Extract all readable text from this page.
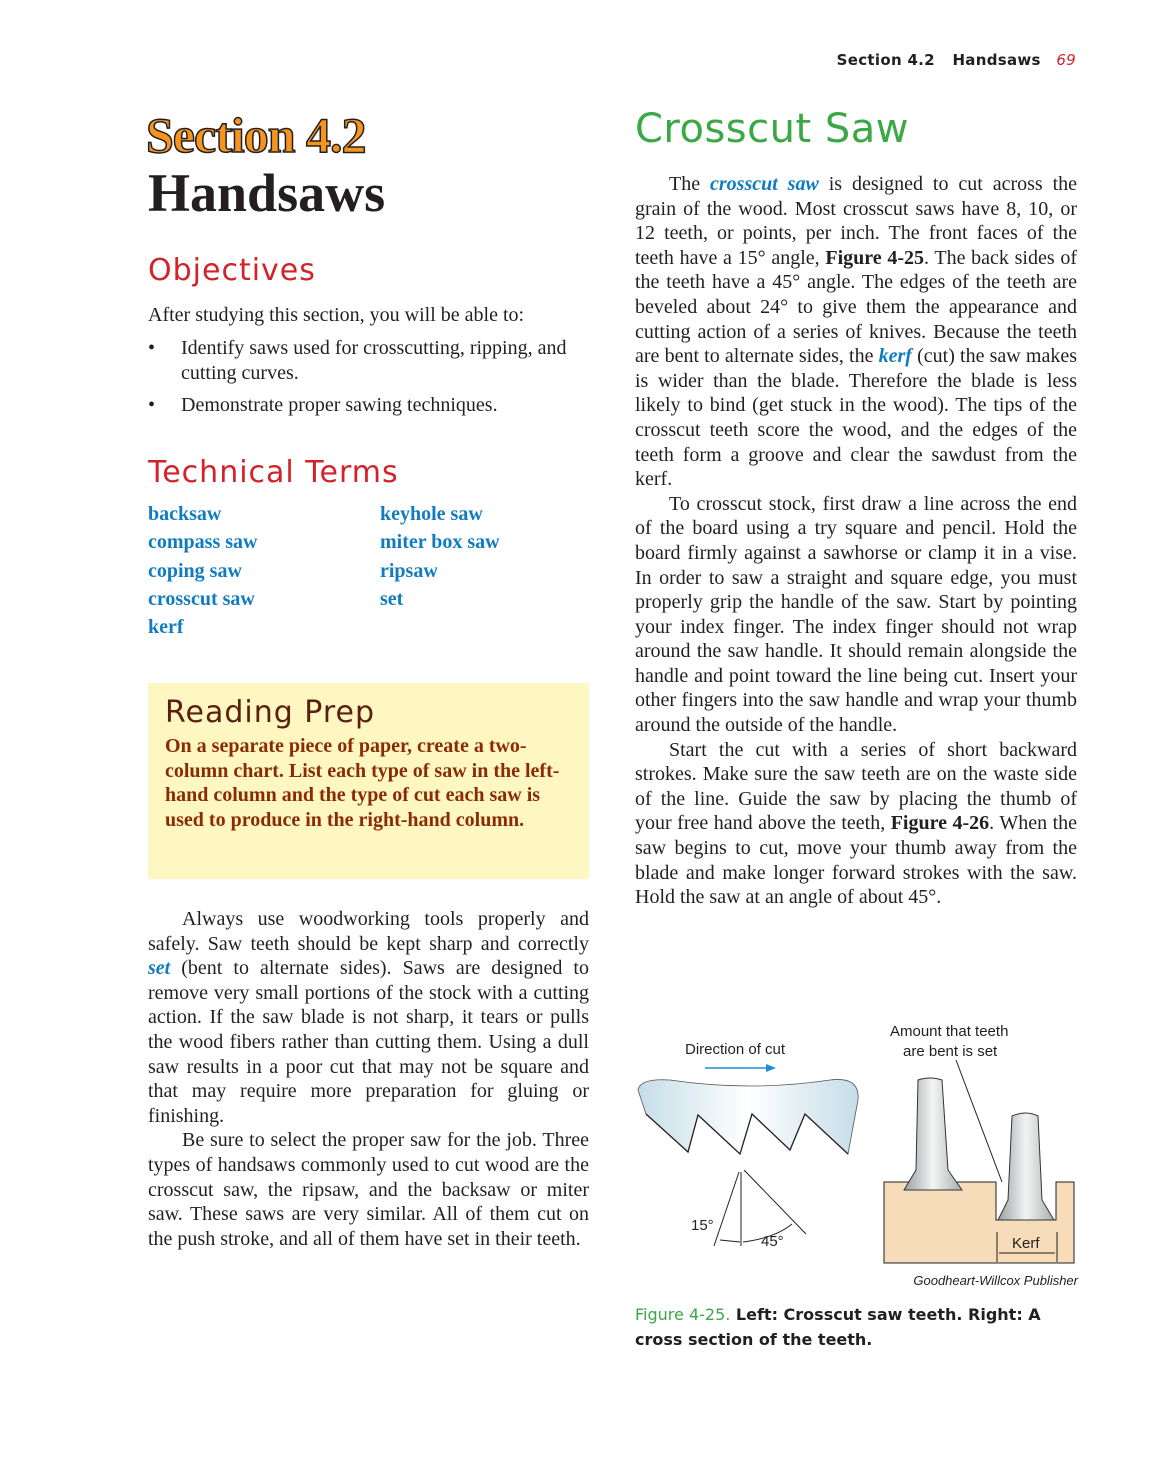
Section 4.2 Handsaws 69
Section 4.2
Handsaws
Objectives
After studying this section, you will be able to:
• Identify saws used for crosscutting, ripping, and cutting curves.
• Demonstrate proper sawing techniques.
Technical Terms
backsaw
compass saw
coping saw
crosscut saw
kerf
keyhole saw
miter box saw
ripsaw
set
Reading Prep

On a separate piece of paper, create a two-column chart. List each type of saw in the left-hand column and the type of cut each saw is used to produce in the right-hand column.

Always use woodworking tools properly and safely. Saw teeth should be kept sharp and correctly set (bent to alternate sides). Saws are designed to remove very small portions of the stock with a cutting action. If the saw blade is not sharp, it tears or pulls the wood fibers rather than cutting them. Using a dull saw results in a poor cut that may not be square and that may require more preparation for gluing or finishing.

Be sure to select the proper saw for the job. Three types of handsaws commonly used to cut wood are the crosscut saw, the ripsaw, and the backsaw or miter saw. These saws are very similar. All of them cut on the push stroke, and all of them have set in their teeth.

Crosscut Saw

The crosscut saw is designed to cut across the grain of the wood. Most crosscut saws have 8, 10, or 12 teeth, or points, per inch. The front faces of the teeth have a 15° angle, Figure 4-25. The back sides of the teeth have a 45° angle. The edges of the teeth are beveled about 24° to give them the appearance and cutting action of a series of knives. Because the teeth are bent to alternate sides, the kerf (cut) the saw makes is wider than the blade. Therefore the blade is less likely to bind (get stuck in the wood). The tips of the crosscut teeth score the wood, and the edges of the teeth form a groove and clear the sawdust from the kerf.

To crosscut stock, first draw a line across the end of the board using a try square and pencil. Hold the board firmly against a sawhorse or clamp it in a vise. In order to saw a straight and square edge, you must properly grip the handle of the saw. Start by pointing your index finger. The index finger should not wrap around the saw handle. It should remain alongside the handle and point toward the line being cut. Insert your other fingers into the saw handle and wrap your thumb around the outside of the handle.

Start the cut with a series of short backward strokes. Make sure the saw teeth are on the waste side of the line. Guide the saw by placing the thumb of your free hand above the teeth, Figure 4-26. When the saw begins to cut, move your thumb away from the blade and make longer forward strokes with the saw. Hold the saw at an angle of about 45°.

Direction of cut
15°
45°
Amount that teeth
are bent is set
Kerf
Goodheart-Willcox Publisher
Figure 4-25. Left: Crosscut saw teeth. Right: A cross section of the teeth.
